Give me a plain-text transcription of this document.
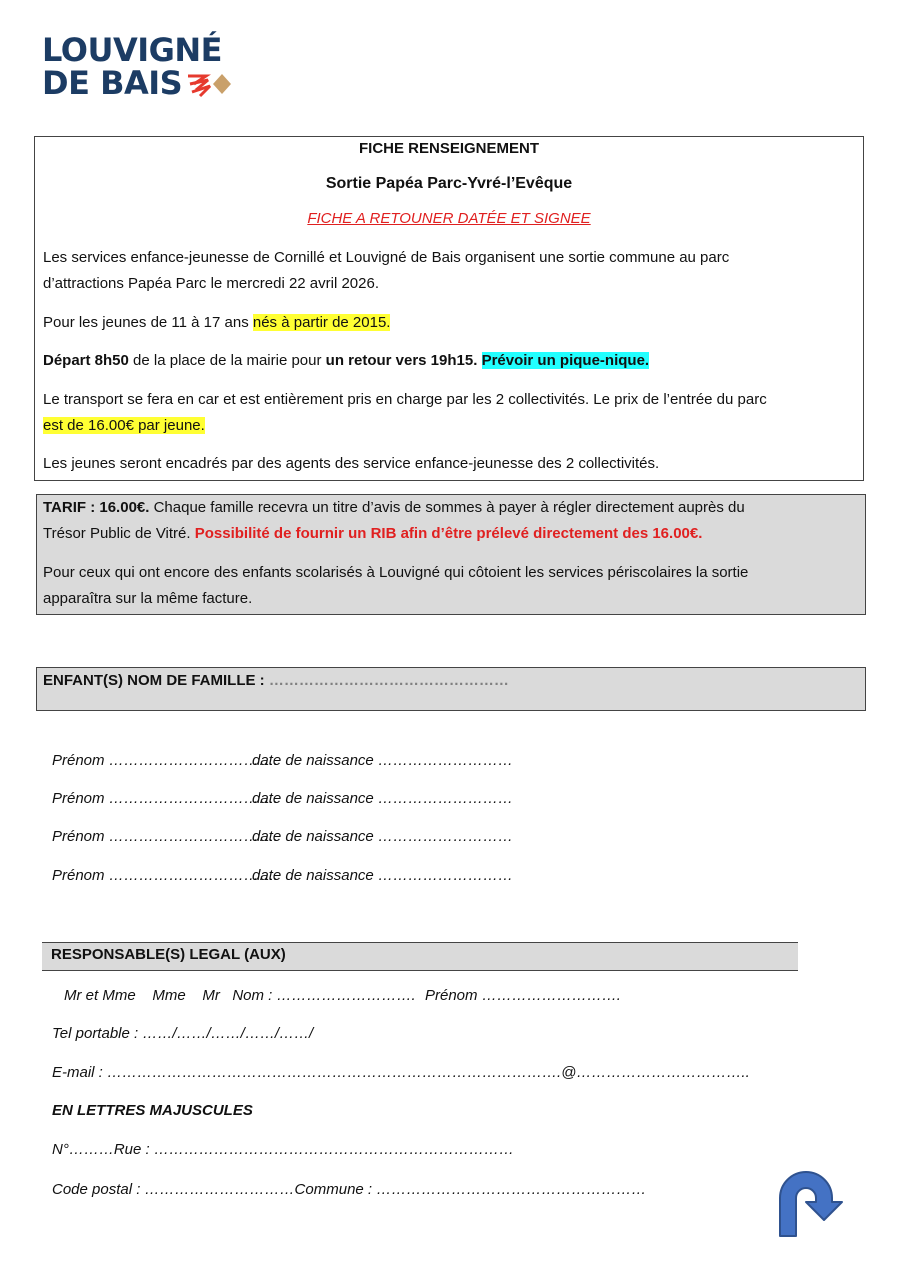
LOUVIGNÉ
DE BAIS
FICHE RENSEIGNEMENT
Sortie Papéa Parc-Yvré-l’Evêque
FICHE A RETOUNER DATÉE ET SIGNEE
Les services enfance-jeunesse de Cornillé et Louvigné de Bais organisent une sortie commune au parc
d’attractions Papéa Parc le mercredi 22 avril 2026.
Pour les jeunes de 11 à 17 ans nés à partir de 2015.
Départ 8h50 de la place de la mairie pour un retour vers 19h15. Prévoir un pique-nique.
Le transport se fera en car et est entièrement pris en charge par les 2 collectivités. Le prix de l’entrée du parc
est de 16.00€ par jeune.
Les jeunes seront encadrés par des agents des service enfance-jeunesse des 2 collectivités.
TARIF : 16.00€. Chaque famille recevra un titre d’avis de sommes à payer à régler directement auprès du
Trésor Public de Vitré. Possibilité de fournir un RIB afin d’être prélevé directement des 16.00€.
Pour ceux qui ont encore des enfants scolarisés à Louvigné qui côtoient les services périscolaires la sortie
apparaîtra sur la même facture.
ENFANT(S) NOM DE FAMILLE : …………………………………………
Prénom …………………………….
date de naissance ………………………
Prénom …………………………….
date de naissance ………………………
Prénom …………………………….
date de naissance ………………………
Prénom …………………………….
date de naissance ………………………
RESPONSABLE(S) LEGAL (AUX)
Mr et Mme    Mme    Mr   Nom : ………………………. Prénom ……………………….
Tel portable : ……/……/……/……/……/
E-mail : ……………………………………………………………………………….@……………………………..
EN LETTRES MAJUSCULES
N°………Rue : ………………………………………………………………
Code postal : …………………………Commune : ………………………………………………
